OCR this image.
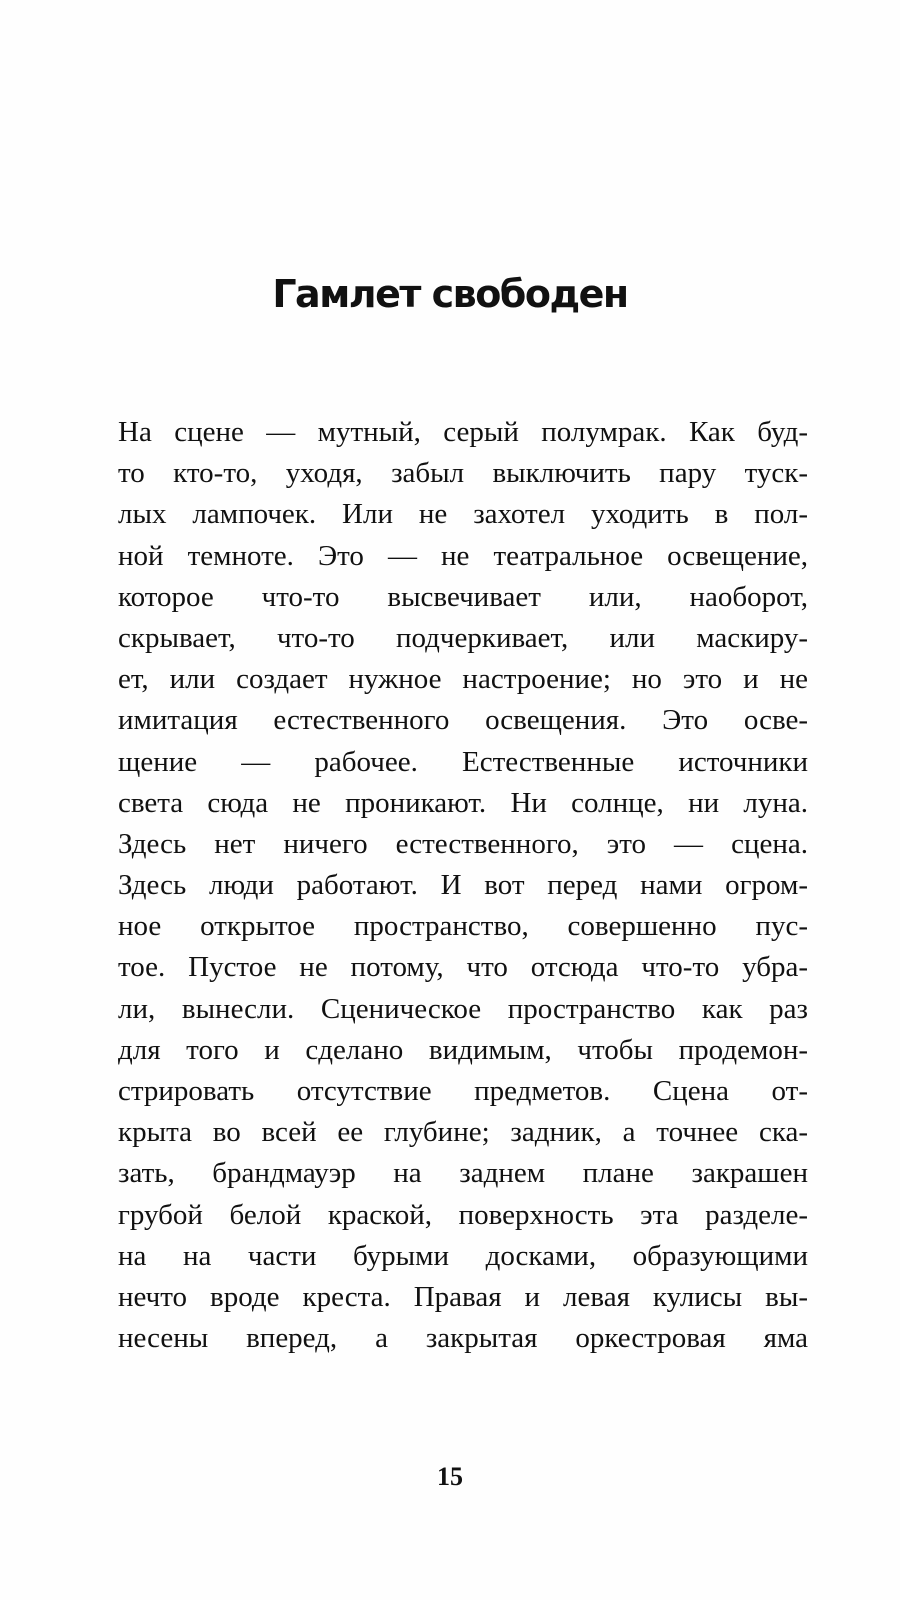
Гамлет свободен
На сцене — мутный, серый полумрак. Как буд-
то кто-то, уходя, забыл выключить пару туск-
лых лампочек. Или не захотел уходить в пол-
ной темноте. Это — не театральное освещение,
которое что-то высвечивает или, наоборот,
скрывает, что-то подчеркивает, или маскиру-
ет, или создает нужное настроение; но это и не
имитация естественного освещения. Это осве-
щение — рабочее. Естественные источники
света сюда не проникают. Ни солнце, ни луна.
Здесь нет ничего естественного, это — сцена.
Здесь люди работают. И вот перед нами огром-
ное открытое пространство, совершенно пус-
тое. Пустое не потому, что отсюда что-то убра-
ли, вынесли. Сценическое пространство как раз
для того и сделано видимым, чтобы продемон-
стрировать отсутствие предметов. Сцена от-
крыта во всей ее глубине; задник, а точнее ска-
зать, брандмауэр на заднем плане закрашен
грубой белой краской, поверхность эта разделе-
на на части бурыми досками, образующими
нечто вроде креста. Правая и левая кулисы вы-
несены вперед, а закрытая оркестровая яма
15
